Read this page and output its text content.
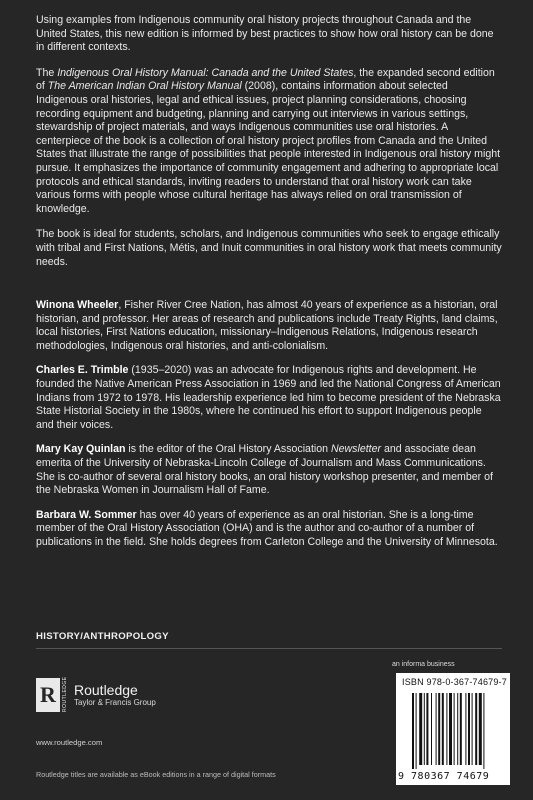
Using examples from Indigenous community oral history projects throughout Canada and the United States, this new edition is informed by best practices to show how oral history can be done in different contexts.

The Indigenous Oral History Manual: Canada and the United States, the expanded second edition of The American Indian Oral History Manual (2008), contains information about selected Indigenous oral histories, legal and ethical issues, project planning considerations, choosing recording equipment and budgeting, planning and carrying out interviews in various settings, stewardship of project materials, and ways Indigenous communities use oral histories. A centerpiece of the book is a collection of oral history project profiles from Canada and the United States that illustrate the range of possibilities that people interested in Indigenous oral history might pursue. It emphasizes the importance of community engagement and adhering to appropriate local protocols and ethical standards, inviting readers to understand that oral history work can take various forms with people whose cultural heritage has always relied on oral transmission of knowledge.

The book is ideal for students, scholars, and Indigenous communities who seek to engage ethically with tribal and First Nations, Métis, and Inuit communities in oral history work that meets community needs.

Winona Wheeler, Fisher River Cree Nation, has almost 40 years of experience as a historian, oral historian, and professor. Her areas of research and publications include Treaty Rights, land claims, local histories, First Nations education, missionary–Indigenous Relations, Indigenous research methodologies, Indigenous oral histories, and anti-colonialism.

Charles E. Trimble (1935–2020) was an advocate for Indigenous rights and development. He founded the Native American Press Association in 1969 and led the National Congress of American Indians from 1972 to 1978. His leadership experience led him to become president of the Nebraska State Historial Society in the 1980s, where he continued his effort to support Indigenous people and their voices.

Mary Kay Quinlan is the editor of the Oral History Association Newsletter and associate dean emerita of the University of Nebraska-Lincoln College of Journalism and Mass Communications. She is co-author of several oral history books, an oral history workshop presenter, and member of the Nebraska Women in Journalism Hall of Fame.

Barbara W. Sommer has over 40 years of experience as an oral historian. She is a long-time member of the Oral History Association (OHA) and is the author and co-author of a number of publications in the field. She holds degrees from Carleton College and the University of Minnesota.

HISTORY/ANTHROPOLOGY
an informa business
R	ROUTLEDGE Routledge
Taylor & Francis Group
www.routledge.com
Routledge titles are available as eBook editions in a range of digital formats
ISBN 978-0-367-74679-7
9 780367 74679
